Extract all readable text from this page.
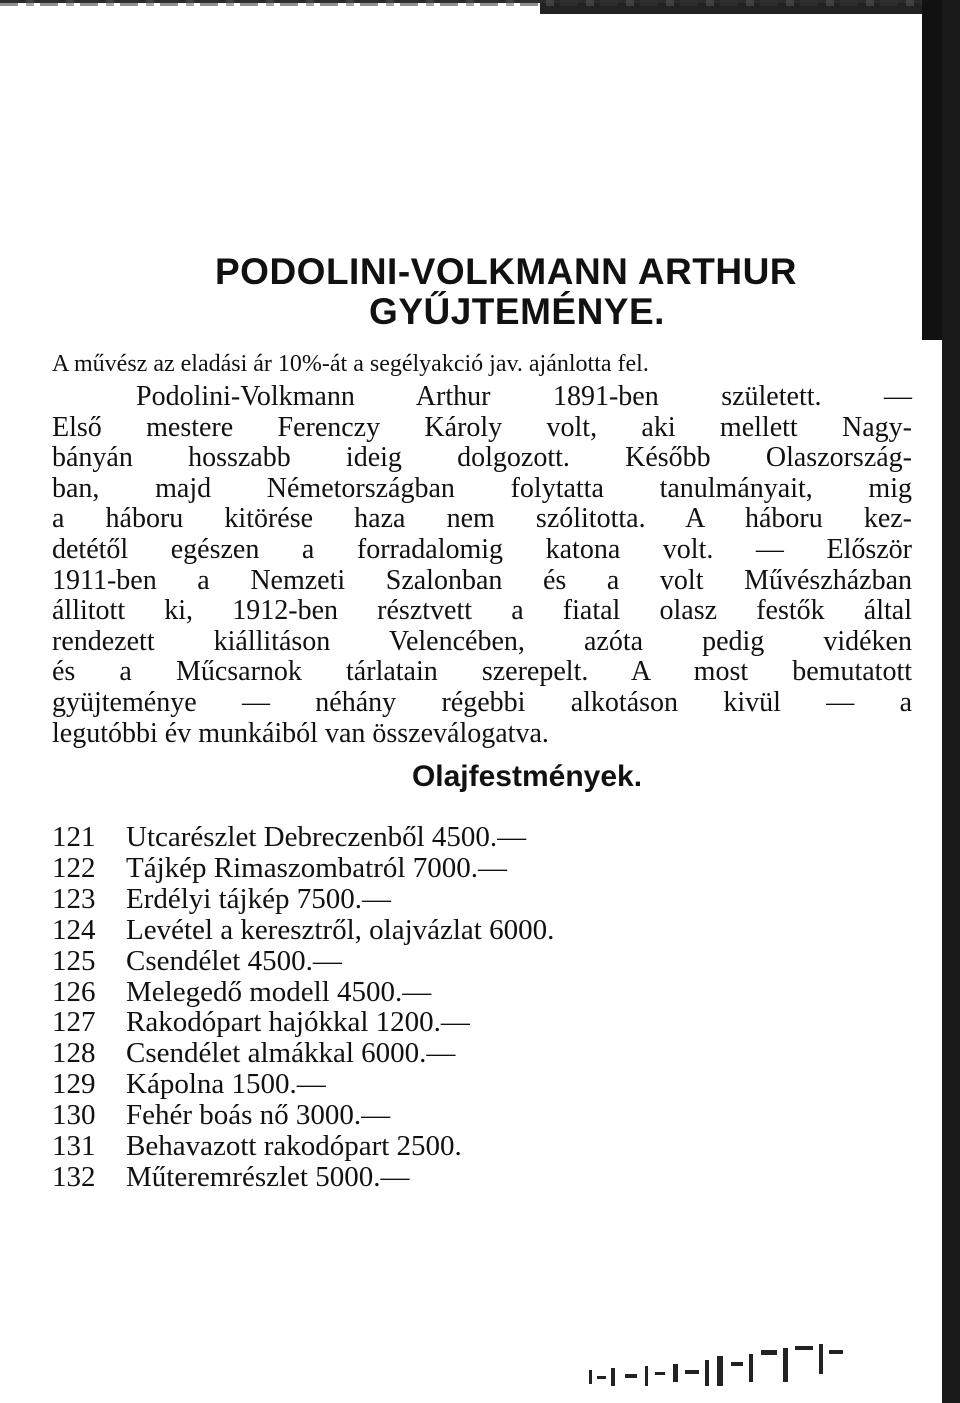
PODOLINI-VOLKMANN ARTHUR
GYŰJTEMÉNYE.
A művész az eladási ár 10%-át a segélyakció jav. ajánlotta fel.
Podolini-Volkmann Arthur 1891-ben született. —
Első mestere Ferenczy Károly volt, aki mellett Nagy-
bányán hosszabb ideig dolgozott. Később Olaszország-
ban, majd Németországban folytatta tanulmányait, mig
a háboru kitörése haza nem szólitotta. A háboru kez-
detétől egészen a forradalomig katona volt. — Először
1911-ben a Nemzeti Szalonban és a volt Művészházban
állitott ki, 1912-ben résztvett a fiatal olasz festők által
rendezett kiállitáson Velencében, azóta pedig vidéken
és a Műcsarnok tárlatain szerepelt. A most bemutatott
gyüjteménye — néhány régebbi alkotáson kivül — a
legutóbbi év munkáiból van összeválogatva.
Olajfestmények.
121	Utcarészlet Debreczenből 4500.—
122	Tájkép Rimaszombatról 7000.—
123	Erdélyi tájkép 7500.—
124	Levétel a keresztről, olajvázlat 6000.
125	Csendélet 4500.—
126	Melegedő modell 4500.—
127	Rakodópart hajókkal 1200.—
128	Csendélet almákkal 6000.—
129	Kápolna 1500.—
130	Fehér boás nő 3000.—
131	Behavazott rakodópart 2500.
132	Műteremrészlet 5000.—
